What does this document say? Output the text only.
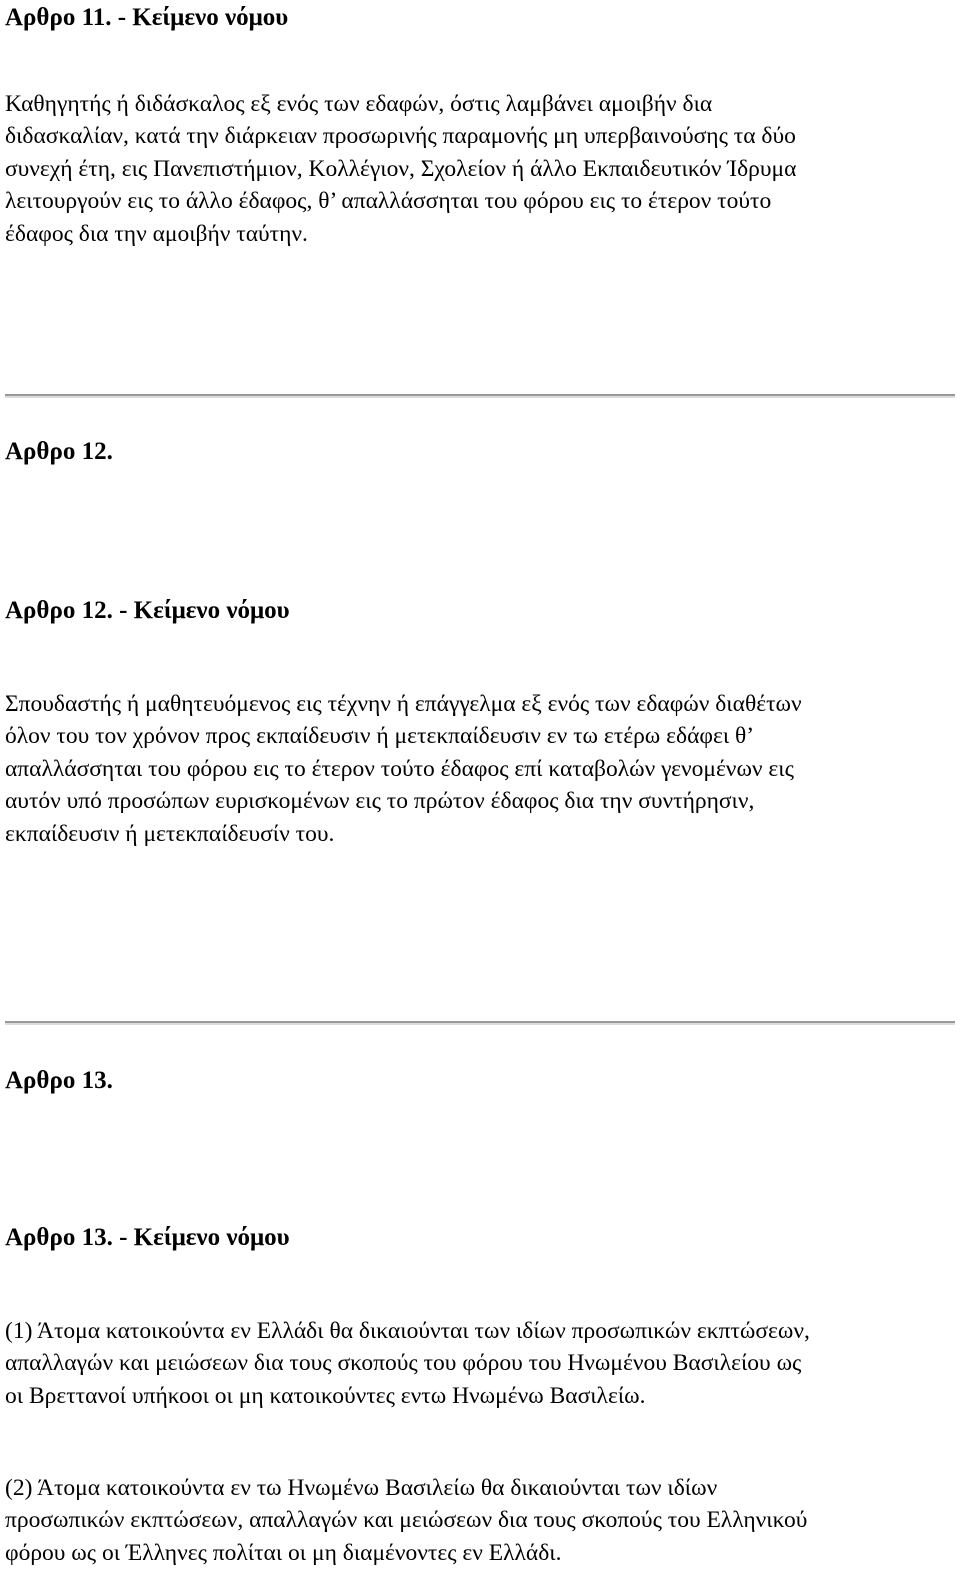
Αρθρο 11. - Κείμενο νόμου

Καθηγητής ή διδάσκαλος εξ ενός των εδαφών, όστις λαμβάνει αμοιβήν δια
διδασκαλίαν, κατά την διάρκειαν προσωρινής παραμονής μη υπερβαινούσης τα δύο
συνεχή έτη, εις Πανεπιστήμιον, Κολλέγιον, Σχολείον ή άλλο Εκπαιδευτικόν Ίδρυμα
λειτουργούν εις το άλλο έδαφος, θ’ απαλλάσσηται του φόρου εις το έτερον τούτο
έδαφος δια την αμοιβήν ταύτην.

Αρθρο 12.
Αρθρο 12. - Κείμενο νόμου

Σπουδαστής ή μαθητευόμενος εις τέχνην ή επάγγελμα εξ ενός των εδαφών διαθέτων
όλον του τον χρόνον προς εκπαίδευσιν ή μετεκπαίδευσιν εν τω ετέρω εδάφει θ’
απαλλάσσηται του φόρου εις το έτερον τούτο έδαφος επί καταβολών γενομένων εις
αυτόν υπό προσώπων ευρισκομένων εις το πρώτον έδαφος δια την συντήρησιν,
εκπαίδευσιν ή μετεκπαίδευσίν του.

Αρθρο 13.
Αρθρο 13. - Κείμενο νόμου

(1) Άτομα κατοικούντα εν Ελλάδι θα δικαιούνται των ιδίων προσωπικών εκπτώσεων,
απαλλαγών και μειώσεων δια τους σκοπούς του φόρου του Ηνωμένου Βασιλείου ως
οι Βρεττανοί υπήκοοι οι μη κατοικούντες εντω Ηνωμένω Βασιλείω.

(2) Άτομα κατοικούντα εν τω Ηνωμένω Βασιλείω θα δικαιούνται των ιδίων
προσωπικών εκπτώσεων, απαλλαγών και μειώσεων δια τους σκοπούς του Ελληνικού
φόρου ως οι Έλληνες πολίται οι μη διαμένοντες εν Ελλάδι.
